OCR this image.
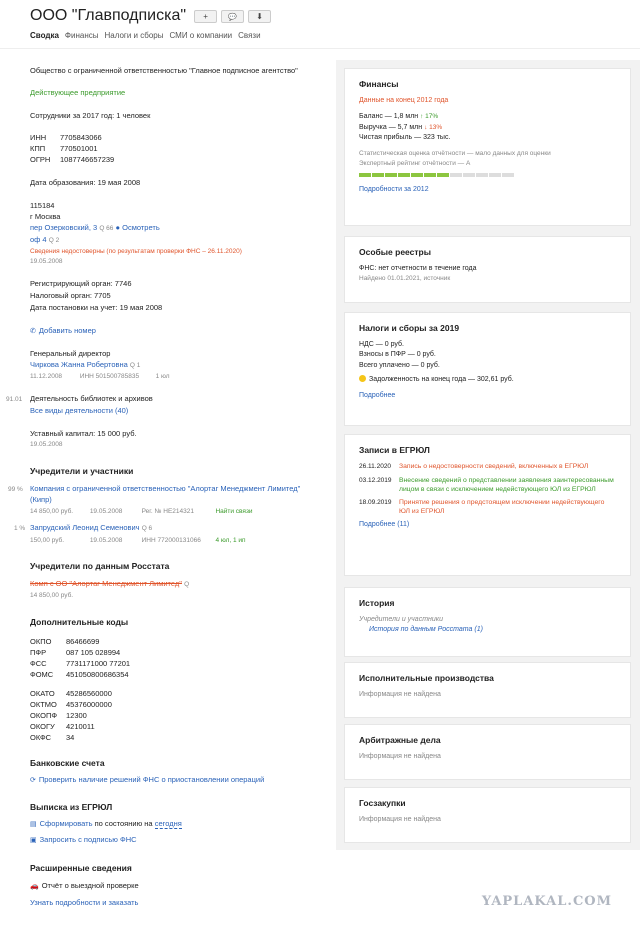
ООО "Главподписка"	+	💬	⬇
Сводка Финансы Налоги и сборы СМИ о компании Связи
Общество с ограниченной ответственностью "Главное подписное агентство"
Действующее предприятие
Сотрудники за 2017 год: 1 человек
ИНН 7705843066
КПП 770501001
ОГРН 1087746657239
Дата образования: 19 мая 2008
115184
г Москва
пер Озерковский, 3 Q 66 ● Осмотреть
оф 4 Q 2
Сведения недостоверны (по результатам проверки ФНС – 26.11.2020)
19.05.2008
Регистрирующий орган: 7746
Налоговый орган: 7705
Дата постановки на учет: 19 мая 2008
✆ Добавить номер
Генеральный директор
Чиркова Жанна Робертовна Q 1
11.12.2008	ИНН 501500785835	1 юл
91.01 Деятельность библиотек и архивов
Все виды деятельности (40)
Уставный капитал: 15 000 руб.
19.05.2008
Учредители и участники
99 % Компания с ограниченной ответственностью "Алортаг Менеджмент Лимитед"
(Кипр)
14 850,00 руб.	19.05.2008	Рег. № HE214321	Найти связи
1 % Запрудский Леонид Семенович Q 6
150,00 руб.	19.05.2008	ИНН 772000131066 4 юл, 1 ип
Учредители по данным Росстата
Комп с ОО "Алортаг Менеджмент Лимитед" Q
14 850,00 руб.
Дополнительные коды
ОКПО 86466699
ПФР	087 105 028994
ФСС	7731171000 77201
ФОМС 451050800686354
ОКАТО 45286560000
ОКТМО 45376000000
ОКОПФ 12300
ОКОГУ 4210011
ОКФС 34
Банковские счета
⟳ Проверить наличие решений ФНС о приостановлении операций
Выписка из ЕГРЮЛ
▤ Сформировать по состоянию на сегодня
▣ Запросить с подписью ФНС
Расширенные сведения
🚗 Отчёт о выездной проверке
Узнать подробности и заказать
Финансы
Данные на конец 2012 года
Баланс — 1,8 млн ↑ 17%
Выручка — 5,7 млн ↓ 13%
Чистая прибыль — 323 тыс.
Статистическая оценка отчётности — мало данных для оценки
Экспертный рейтинг отчётности — A
Подробности за 2012
Особые реестры
ФНС: нет отчетности в течение года
Найдено 01.01.2021, источник
Налоги и сборы за 2019
НДС — 0 руб.
Взносы в ПФР — 0 руб.
Всего уплачено — 0 руб.
Задолженность на конец года — 302,61 руб.
Подробнее
Записи в ЕГРЮЛ
26.11.2020	Запись о недостоверности сведений, включенных в ЕГРЮЛ
03.12.2019	Внесение сведений о представлении заявления заинтересованным лицом в связи с исключением недействующего ЮЛ из ЕГРЮЛ
18.09.2019	Принятие решения о предстоящем исключении недействующего ЮЛ из ЕГРЮЛ
Подробнее (11)
История
Учредители и участники
История по данным Росстата (1)
Исполнительные производства
Информация не найдена
Арбитражные дела
Информация не найдена
Госзакупки
Информация не найдена
YAPLAKAL.COM
